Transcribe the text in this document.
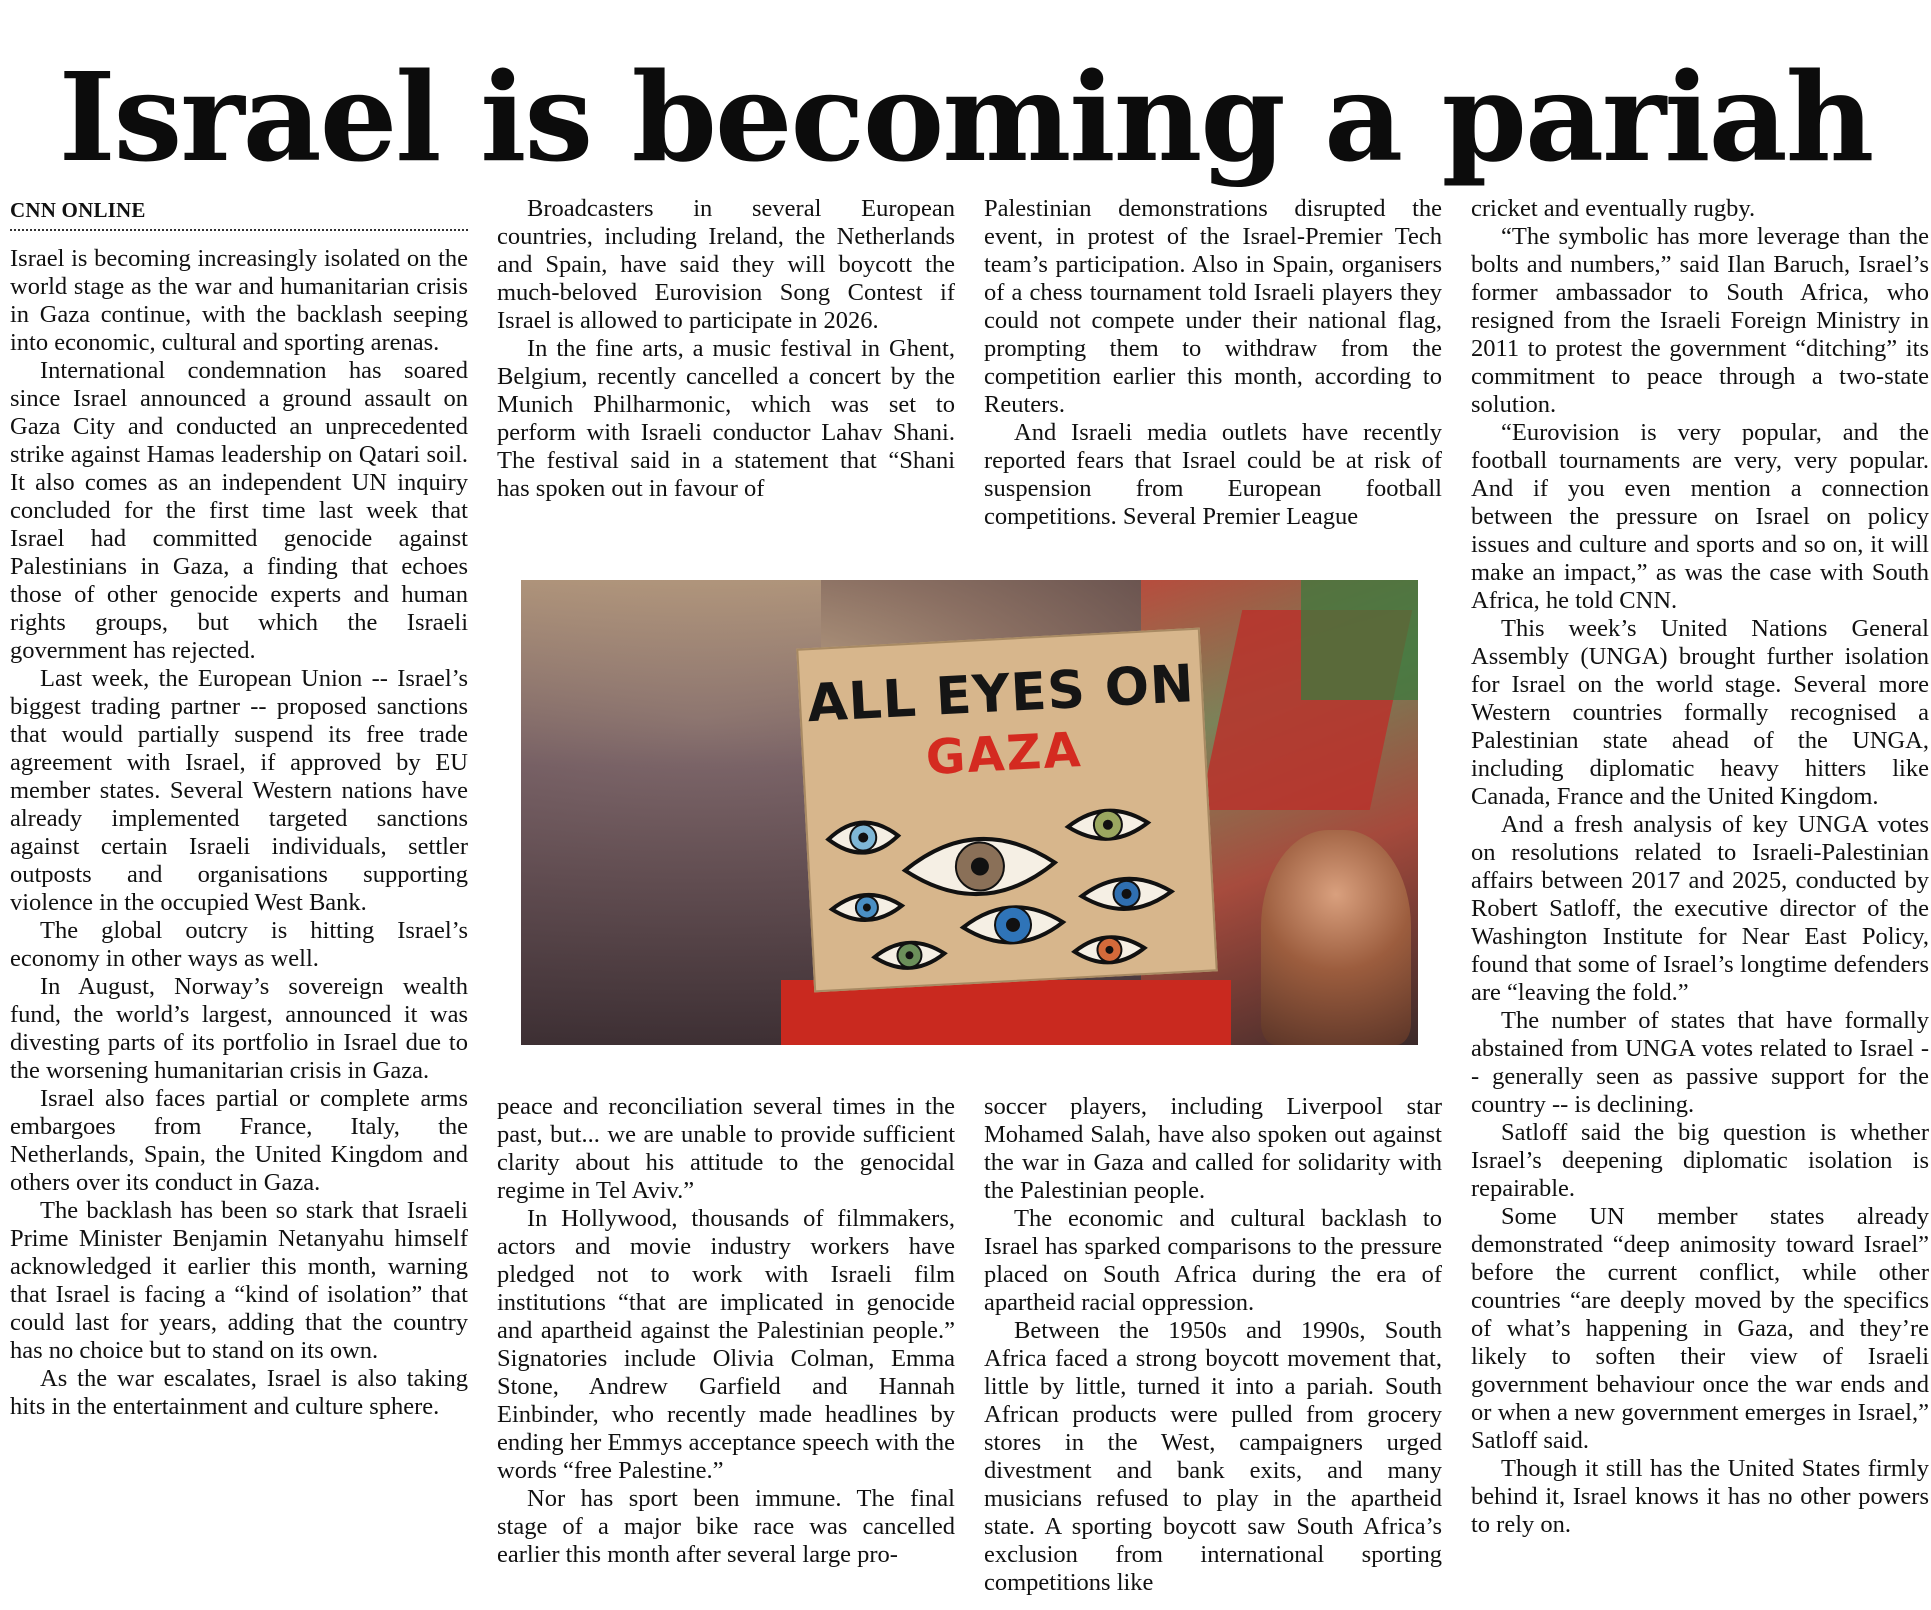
Israel is becoming a pariah
CNN ONLINE

Israel is becoming increasingly isolated on the world stage as the war and humanitarian crisis in Gaza continue, with the backlash seeping into economic, cultural and sporting arenas.

International condemnation has soared since Israel announced a ground assault on Gaza City and conducted an unprecedented strike against Hamas leadership on Qatari soil. It also comes as an independent UN inquiry concluded for the first time last week that Israel had committed genocide against Palestinians in Gaza, a finding that echoes those of other genocide experts and human rights groups, but which the Israeli government has rejected.

Last week, the European Union -- Israel’s biggest trading partner -- proposed sanctions that would partially suspend its free trade agreement with Israel, if approved by EU member states. Several Western nations have already implemented targeted sanctions against certain Israeli individuals, settler outposts and organisations supporting violence in the occupied West Bank.

The global outcry is hitting Israel’s economy in other ways as well.

In August, Norway’s sovereign wealth fund, the world’s largest, announced it was divesting parts of its portfolio in Israel due to the worsening humanitarian crisis in Gaza.

Israel also faces partial or complete arms embargoes from France, Italy, the Netherlands, Spain, the United Kingdom and others over its conduct in Gaza.

The backlash has been so stark that Israeli Prime Minister Benjamin Netanyahu himself acknowledged it earlier this month, warning that Israel is facing a “kind of isolation” that could last for years, adding that the country has no choice but to stand on its own.

As the war escalates, Israel is also taking hits in the entertainment and culture sphere.

Broadcasters in several European countries, including Ireland, the Netherlands and Spain, have said they will boycott the much-beloved Eurovision Song Contest if Israel is allowed to participate in 2026.

In the fine arts, a music festival in Ghent, Belgium, recently cancelled a concert by the Munich Philharmonic, which was set to perform with Israeli conductor Lahav Shani. The festival said in a statement that “Shani has spoken out in favour of

Palestinian demonstrations disrupted the event, in protest of the Israel-Premier Tech team’s participation. Also in Spain, organisers of a chess tournament told Israeli players they could not compete under their national flag, prompting them to withdraw from the competition earlier this month, according to Reuters.

And Israeli media outlets have recently reported fears that Israel could be at risk of suspension from European football competitions. Several Premier League

cricket and eventually rugby.

“The symbolic has more leverage than the bolts and numbers,” said Ilan Baruch, Israel’s former ambassador to South Africa, who resigned from the Israeli Foreign Ministry in 2011 to protest the government “ditching” its commitment to peace through a two-state solution.

“Eurovision is very popular, and the football tournaments are very, very popular. And if you even mention a connection between the pressure on Israel on policy issues and culture and sports and so on, it will make an impact,” as was the case with South Africa, he told CNN.

This week’s United Nations General Assembly (UNGA) brought further isolation for Israel on the world stage. Several more Western countries formally recognised a Palestinian state ahead of the UNGA, including diplomatic heavy hitters like Canada, France and the United Kingdom.

And a fresh analysis of key UNGA votes on resolutions related to Israeli-Palestinian affairs between 2017 and 2025, conducted by Robert Satloff, the executive director of the Washington Institute for Near East Policy, found that some of Israel’s longtime defenders are “leaving the fold.”

The number of states that have formally abstained from UNGA votes related to Israel -- generally seen as passive support for the country -- is declining.

Satloff said the big question is whether Israel’s deepening diplomatic isolation is repairable.

Some UN member states already demonstrated “deep animosity toward Israel” before the current conflict, while other countries “are deeply moved by the specifics of what’s happening in Gaza, and they’re likely to soften their view of Israeli government behaviour once the war ends and or when a new government emerges in Israel,” Satloff said.

Though it still has the United States firmly behind it, Israel knows it has no other powers to rely on.

ALL EYES ON
GAZA

peace and reconciliation several times in the past, but... we are unable to provide sufficient clarity about his attitude to the genocidal regime in Tel Aviv.”

In Hollywood, thousands of filmmakers, actors and movie industry workers have pledged not to work with Israeli film institutions “that are implicated in genocide and apartheid against the Palestinian people.” Signatories include Olivia Colman, Emma Stone, Andrew Garfield and Hannah Einbinder, who recently made headlines by ending her Emmys acceptance speech with the words “free Palestine.”

Nor has sport been immune. The final stage of a major bike race was cancelled earlier this month after several large pro-

soccer players, including Liverpool star Mohamed Salah, have also spoken out against the war in Gaza and called for solidarity with the Palestinian people.

The economic and cultural backlash to Israel has sparked comparisons to the pressure placed on South Africa during the era of apartheid racial oppression.

Between the 1950s and 1990s, South Africa faced a strong boycott movement that, little by little, turned it into a pariah. South African products were pulled from grocery stores in the West, campaigners urged divestment and bank exits, and many musicians refused to play in the apartheid state. A sporting boycott saw South Africa’s exclusion from international sporting competitions like
